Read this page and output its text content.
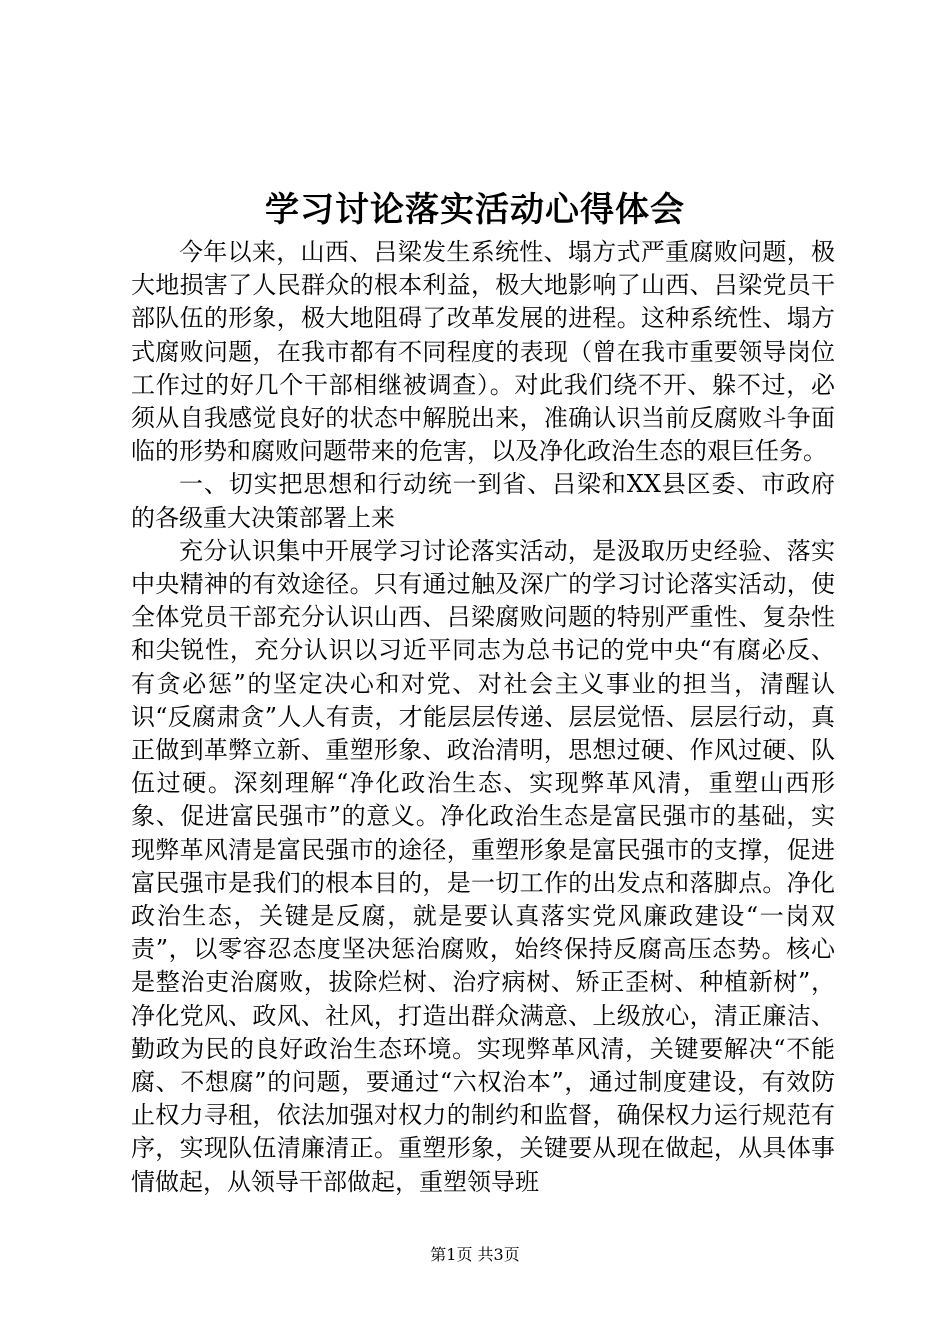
学习讨论落实活动心得体会

今年以来，山西、吕梁发生系统性、塌方式严重腐败问题，极大地损害了人民群众的根本利益，极大地影响了山西、吕梁党员干部队伍的形象，极大地阻碍了改革发展的进程。这种系统性、塌方式腐败问题，在我市都有不同程度的表现（曾在我市重要领导岗位工作过的好几个干部相继被调查）。对此我们绕不开、躲不过，必须从自我感觉良好的状态中解脱出来，准确认识当前反腐败斗争面临的形势和腐败问题带来的危害，以及净化政治生态的艰巨任务。

一、切实把思想和行动统一到省、吕梁和XX县区委、市政府的各级重大决策部署上来

充分认识集中开展学习讨论落实活动，是汲取历史经验、落实中央精神的有效途径。只有通过触及深广的学习讨论落实活动，使全体党员干部充分认识山西、吕梁腐败问题的特别严重性、复杂性和尖锐性，充分认识以习近平同志为总书记的党中央“有腐必反、有贪必惩”的坚定决心和对党、对社会主义事业的担当，清醒认识“反腐肃贪”人人有责，才能层层传递、层层觉悟、层层行动，真正做到革弊立新、重塑形象、政治清明，思想过硬、作风过硬、队伍过硬。深刻理解“净化政治生态、实现弊革风清，重塑山西形象、促进富民强市”的意义。净化政治生态是富民强市的基础，实现弊革风清是富民强市的途径，重塑形象是富民强市的支撑，促进富民强市是我们的根本目的，是一切工作的出发点和落脚点。净化政治生态，关键是反腐，就是要认真落实党风廉政建设“一岗双责”，以零容忍态度坚决惩治腐败，始终保持反腐高压态势。核心是整治吏治腐败，拔除烂树、治疗病树、矫正歪树、种植新树”，净化党风、政风、社风，打造出群众满意、上级放心，清正廉洁、勤政为民的良好政治生态环境。实现弊革风清，关键要解决“不能腐、不想腐”的问题，要通过“六权治本”，通过制度建设，有效防止权力寻租，依法加强对权力的制约和监督，确保权力运行规范有序，实现队伍清廉清正。重塑形象，关键要从现在做起，从具体事情做起，从领导干部做起，重塑领导班

第1页 共3页
